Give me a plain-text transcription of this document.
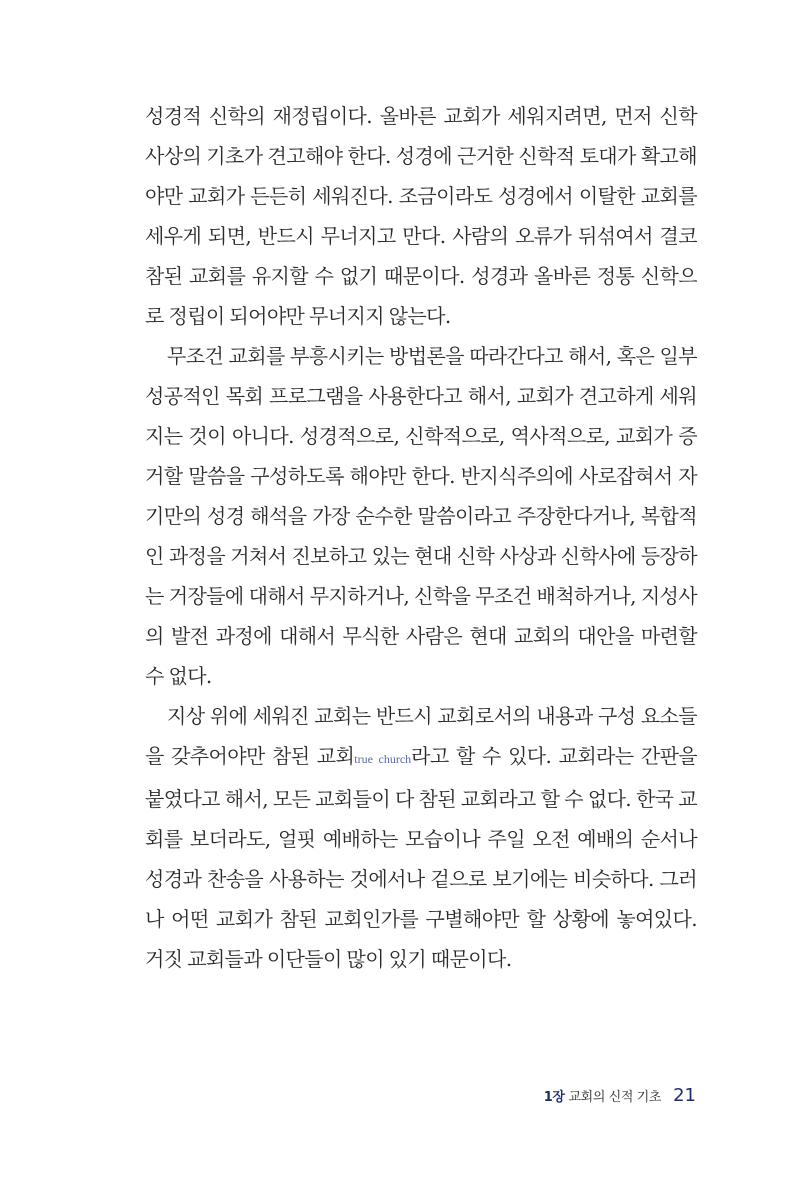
성경적 신학의 재정립이다. 올바른 교회가 세워지려면, 먼저 신학 사상의 기초가 견고해야 한다. 성경에 근거한 신학적 토대가 확고해야만 교회가 든든히 세워진다. 조금이라도 성경에서 이탈한 교회를 세우게 되면, 반드시 무너지고 만다. 사람의 오류가 뒤섞여서 결코 참된 교회를 유지할 수 없기 때문이다. 성경과 올바른 정통 신학으로 정립이 되어야만 무너지지 않는다.

무조건 교회를 부흥시키는 방법론을 따라간다고 해서, 혹은 일부 성공적인 목회 프로그램을 사용한다고 해서, 교회가 견고하게 세워지는 것이 아니다. 성경적으로, 신학적으로, 역사적으로, 교회가 증거할 말씀을 구성하도록 해야만 한다. 반지식주의에 사로잡혀서 자기만의 성경 해석을 가장 순수한 말씀이라고 주장한다거나, 복합적인 과정을 거쳐서 진보하고 있는 현대 신학 사상과 신학사에 등장하는 거장들에 대해서 무지하거나, 신학을 무조건 배척하거나, 지성사의 발전 과정에 대해서 무식한 사람은 현대 교회의 대안을 마련할 수 없다.

지상 위에 세워진 교회는 반드시 교회로서의 내용과 구성 요소들을 갖추어야만 참된 교회true church라고 할 수 있다. 교회라는 간판을 붙였다고 해서, 모든 교회들이 다 참된 교회라고 할 수 없다. 한국 교회를 보더라도, 얼핏 예배하는 모습이나 주일 오전 예배의 순서나 성경과 찬송을 사용하는 것에서나 겉으로 보기에는 비슷하다. 그러나 어떤 교회가 참된 교회인가를 구별해야만 할 상황에 놓여있다. 거짓 교회들과 이단들이 많이 있기 때문이다.

1장 교회의 신적 기초 21
